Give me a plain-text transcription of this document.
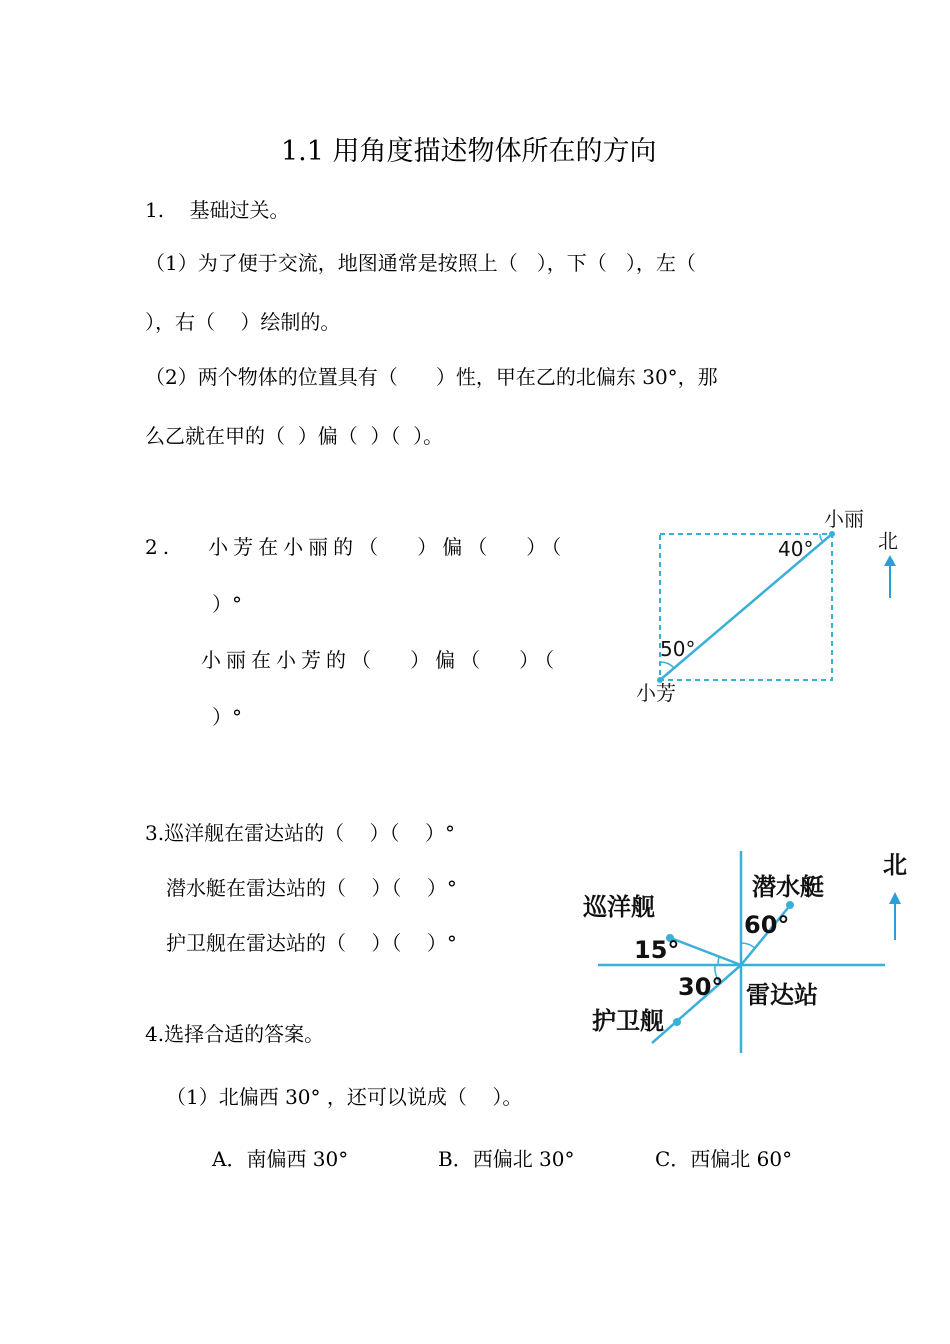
1.1 用角度描述物体所在的方向
1.    基础过关。
（1）为了便于交流，地图通常是按照上（   ），下（   ），左（
），右（    ）绘制的。
（2）两个物体的位置具有（      ）性，甲在乙的北偏东 30°，那
么乙就在甲的（  ）偏（  ）（  ）。
2.   小芳在小丽的（   ）偏（   ）（
）°
小丽在小芳的（   ）偏（   ）（
）°
小丽
40°
50°
小芳
北
3.巡洋舰在雷达站的（    ）（    ）°
潜水艇在雷达站的（    ）（    ）°
护卫舰在雷达站的（    ）（    ）°
巡洋舰
潜水艇
护卫舰
雷达站
15°
30°
60°
北
4.选择合适的答案。
（1）北偏西 30° ，还可以说成（    ）。
A．南偏西 30°	B．西偏北 30°	C．西偏北 60°
